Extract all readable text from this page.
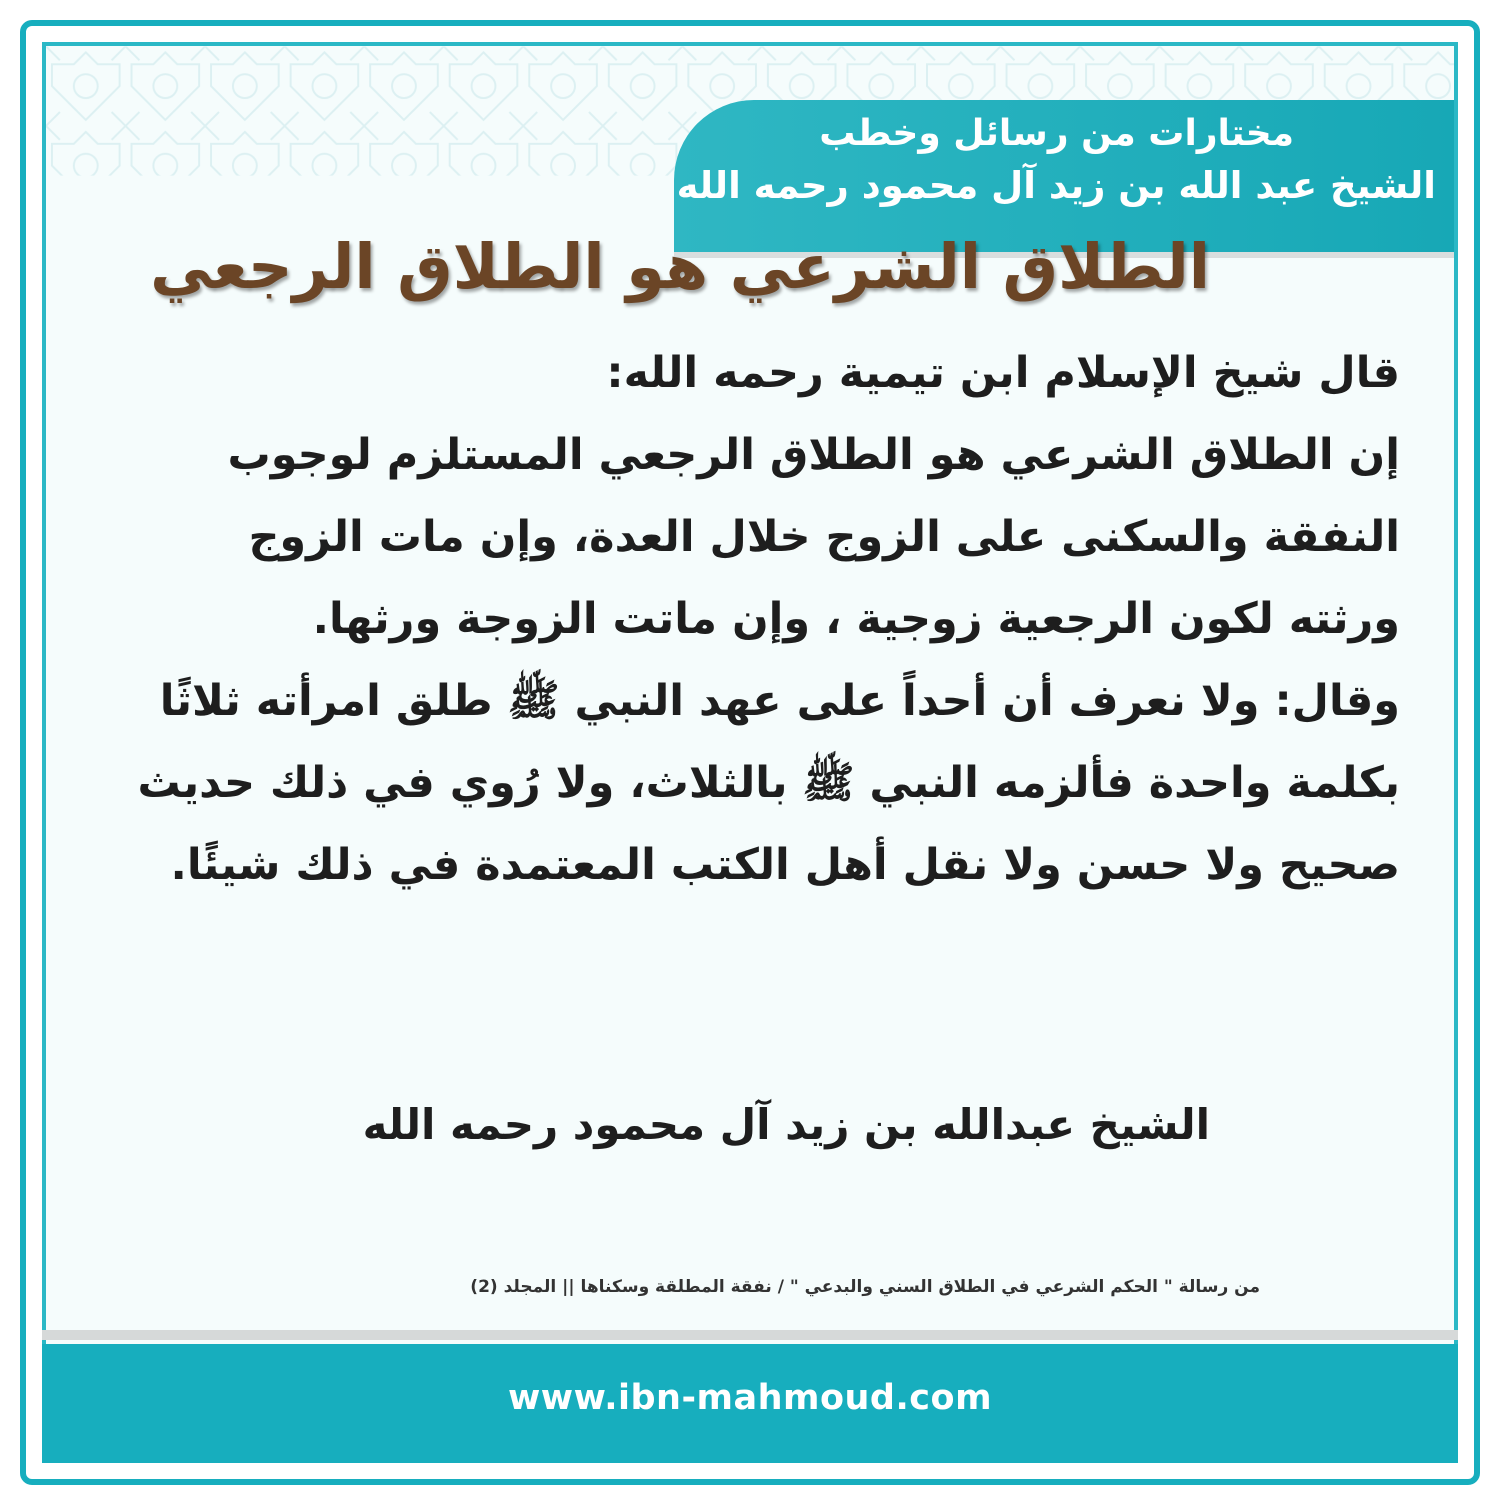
مختارات من رسائل وخطب
الشيخ عبد الله بن زيد آل محمود رحمه الله
الطلاق الشرعي هو الطلاق الرجعي

قال شيخ الإسلام ابن تيمية رحمه الله:

إن الطلاق الشرعي هو الطلاق الرجعي المستلزم لوجوب النفقة والسكنى على الزوج خلال العدة، وإن مات الزوج ورثته لكون الرجعية زوجية ، وإن ماتت الزوجة ورثها.

وقال: ولا نعرف أن أحداً على عهد النبي ﷺ طلق امرأته ثلاثًا بكلمة واحدة فألزمه النبي ﷺ بالثلاث، ولا رُوي في ذلك حديث صحيح ولا حسن ولا نقل أهل الكتب المعتمدة في ذلك شيئًا.

الشيخ عبدالله بن زيد آل محمود رحمه الله
من رسالة " الحكم الشرعي في الطلاق السني والبدعي " / نفقة المطلقة وسكناها || المجلد (2)
www.ibn-mahmoud.com
